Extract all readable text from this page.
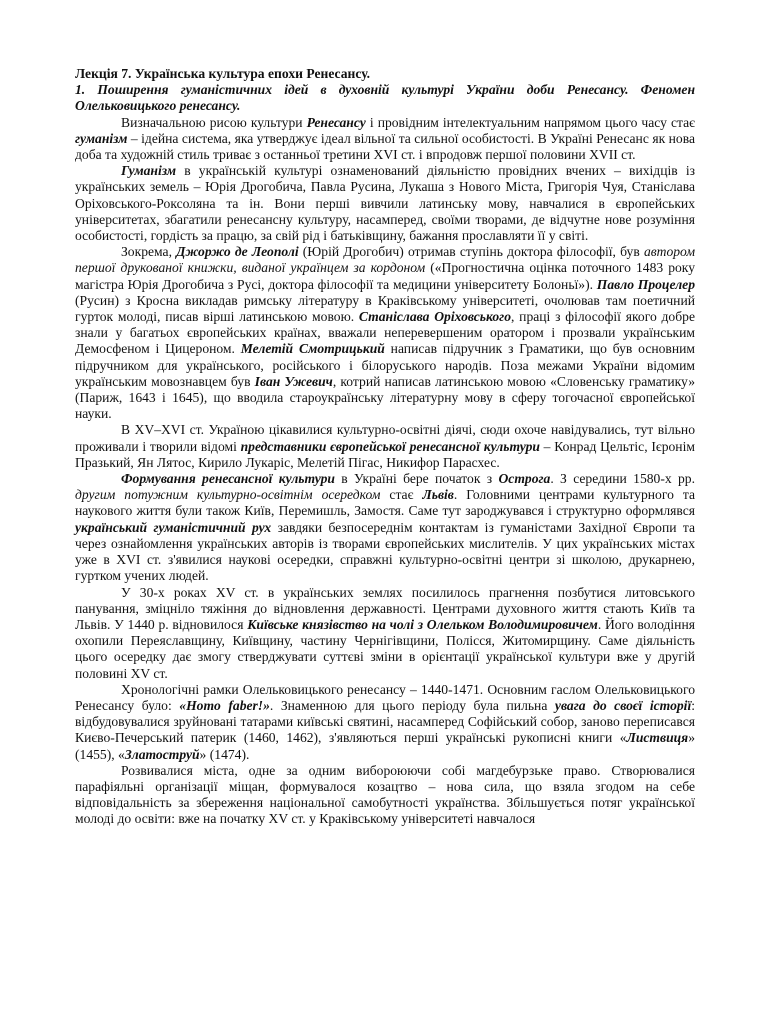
Лекція 7. Українська культура епохи Ренесансу.

1. Поширення гуманістичних ідей в духовній культурі України доби Ренесансу. Феномен Олельковицького ренесансу.

Визначальною рисою культури Ренесансу і провідним інтелектуальним напрямом цього часу стає гуманізм – ідейна система, яка утверджує ідеал вільної та сильної особистості. В Україні Ренесанс як нова доба та художній стиль триває з останньої третини XVI ст. і впродовж першої половини XVII ст.

Гуманізм в українській культурі ознаменований діяльністю провідних вчених – вихідців із українських земель – Юрія Дрогобича, Павла Русина, Лукаша з Нового Міста, Григорія Чуя, Станіслава Оріховського-Роксоляна та ін. Вони перші вивчили латинську мову, навчалися в європейських університетах, збагатили ренесансну культуру, насамперед, своїми творами, де відчутне нове розуміння особистості, гордість за працю, за свій рід і батьківщину, бажання прославляти її у світі.

Зокрема, Джоржо де Леополі (Юрій Дрогобич) отримав ступінь доктора філософії, був автором першої друкованої книжки, виданої українцем за кордоном («Прогностична оцінка поточного 1483 року магістра Юрія Дрогобича з Русі, доктора філософії та медицини університету Болоньї»). Павло Процелер (Русин) з Кросна викладав римську літературу в Краківському університеті, очолював там поетичний гурток молоді, писав вірші латинською мовою. Станіслава Оріховського, праці з філософії якого добре знали у багатьох європейських країнах, вважали неперевершеним оратором і прозвали українським Демосфеном і Цицероном. Мелетій Смотрицький написав підручник з Граматики, що був основним підручником для українського, російського і білоруського народів. Поза межами України відомим українським мовознавцем був Іван Ужевич, котрий написав латинською мовою «Словенську граматику» (Париж, 1643 і 1645), що вводила староукраїнську літературну мову в сферу тогочасної європейської науки.

В XV–XVI ст. Україною цікавилися культурно-освітні діячі, сюди охоче навідувались, тут вільно проживали і творили відомі представники європейської ренесансної культури – Конрад Цельтіс, Ієронім Празький, Ян Лятос, Кирило Лукаріс, Мелетій Пігас, Никифор Парасхес.

Формування ренесансної культури в Україні бере початок з Острога. З середини 1580-х рр. другим потужним культурно-освітнім осередком стає Львів. Головними центрами культурного та наукового життя були також Київ, Перемишль, Замостя. Саме тут зароджувався і структурно оформлявся український гуманістичний рух завдяки безпосереднім контактам із гуманістами Західної Європи та через ознайомлення українських авторів із творами європейських мислителів. У цих українських містах уже в XVI ст. з'явилися наукові осередки, справжні культурно-освітні центри зі школою, друкарнею, гуртком учених людей.

У 30-х роках XV ст. в українських землях посилилось прагнення позбутися литовського панування, зміцніло тяжіння до відновлення державності. Центрами духовного життя стають Київ та Львів. У 1440 р. відновилося Київське князівство на чолі з Олельком Володимировичем. Його володіння охопили Переяславщину, Київщину, частину Чернігівщини, Полісся, Житомирщину. Саме діяльність цього осередку дає змогу стверджувати суттєві зміни в орієнтації української культури вже у другій половині XV ст.

Хронологічні рамки Олельковицького ренесансу – 1440-1471. Основним гаслом Олельковицького Ренесансу було: «Homo faber!». Знаменною для цього періоду була пильна увага до своєї історії: відбудовувалися зруйновані татарами київські святині, насамперед Софійський собор, заново переписався Києво-Печерський патерик (1460, 1462), з'являються перші українські рукописні книги «Листвиця» (1455), «Златоструй» (1474).

Розвивалися міста, одне за одним вибороюючи собі магдебурзьке право. Створювалися парафіяльні організації міщан, формувалося козацтво – нова сила, що взяла згодом на себе відповідальність за збереження національної самобутності українства. Збільшується потяг української молоді до освіти: вже на початку XV ст. у Краківському університеті навчалося
